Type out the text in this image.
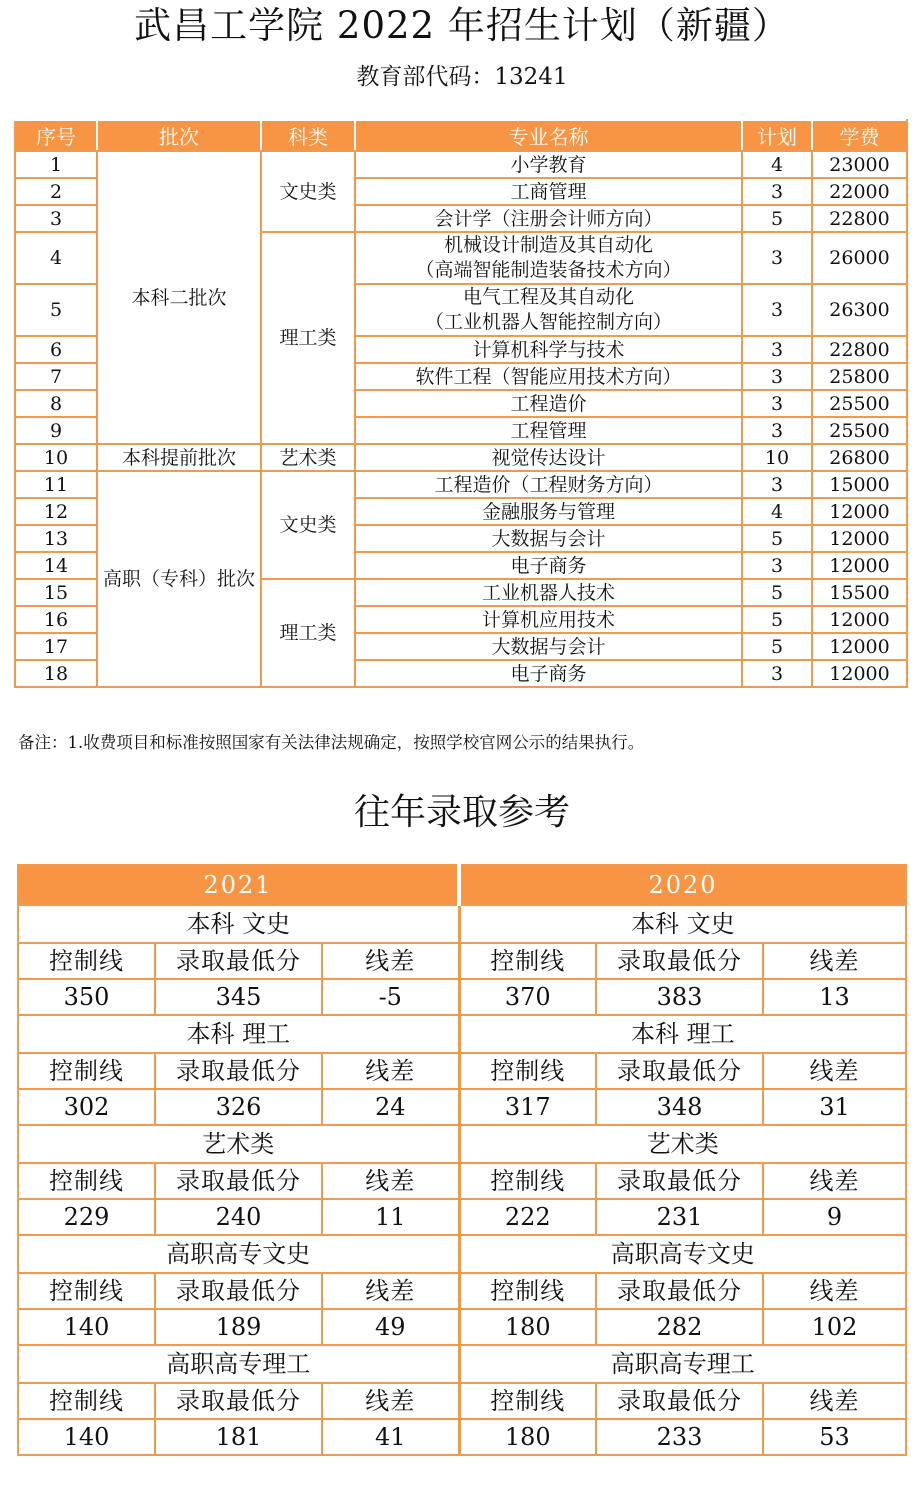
武昌工学院 2022 年招生计划（新疆）
教育部代码：13241
序号	批次	科类	专业名称	计划	学费
1	本科二批次	文史类	小学教育	4	23000
2			工商管理	3	22000
3			会计学（注册会计师方向）	5	22800
4		理工类	机械设计制造及其自动化
（高端智能制造装备技术方向）	3	26000
5			电气工程及其自动化
（工业机器人智能控制方向）	3	26300
6			计算机科学与技术	3	22800
7			软件工程（智能应用技术方向）	3	25800
8			工程造价	3	25500
9			工程管理	3	25500
10	本科提前批次	艺术类	视觉传达设计	10	26800
11	高职（专科）批次	文史类	工程造价（工程财务方向）	3	15000
12			金融服务与管理	4	12000
13			大数据与会计	5	12000
14			电子商务	3	12000
15		理工类	工业机器人技术	5	15500
16			计算机应用技术	5	12000
17			大数据与会计	5	12000
18			电子商务	3	12000
备注：1.收费项目和标准按照国家有关法律法规确定，按照学校官网公示的结果执行。
往年录取参考
2021			2020		
本科 文史			本科 文史		
控制线	录取最低分	线差	控制线	录取最低分	线差
350	345	-5	370	383	13
本科 理工			本科 理工		
控制线	录取最低分	线差	控制线	录取最低分	线差
302	326	24	317	348	31
艺术类			艺术类		
控制线	录取最低分	线差	控制线	录取最低分	线差
229	240	11	222	231	9
高职高专文史			高职高专文史		
控制线	录取最低分	线差	控制线	录取最低分	线差
140	189	49	180	282	102
高职高专理工			高职高专理工		
控制线	录取最低分	线差	控制线	录取最低分	线差
140	181	41	180	233	53
